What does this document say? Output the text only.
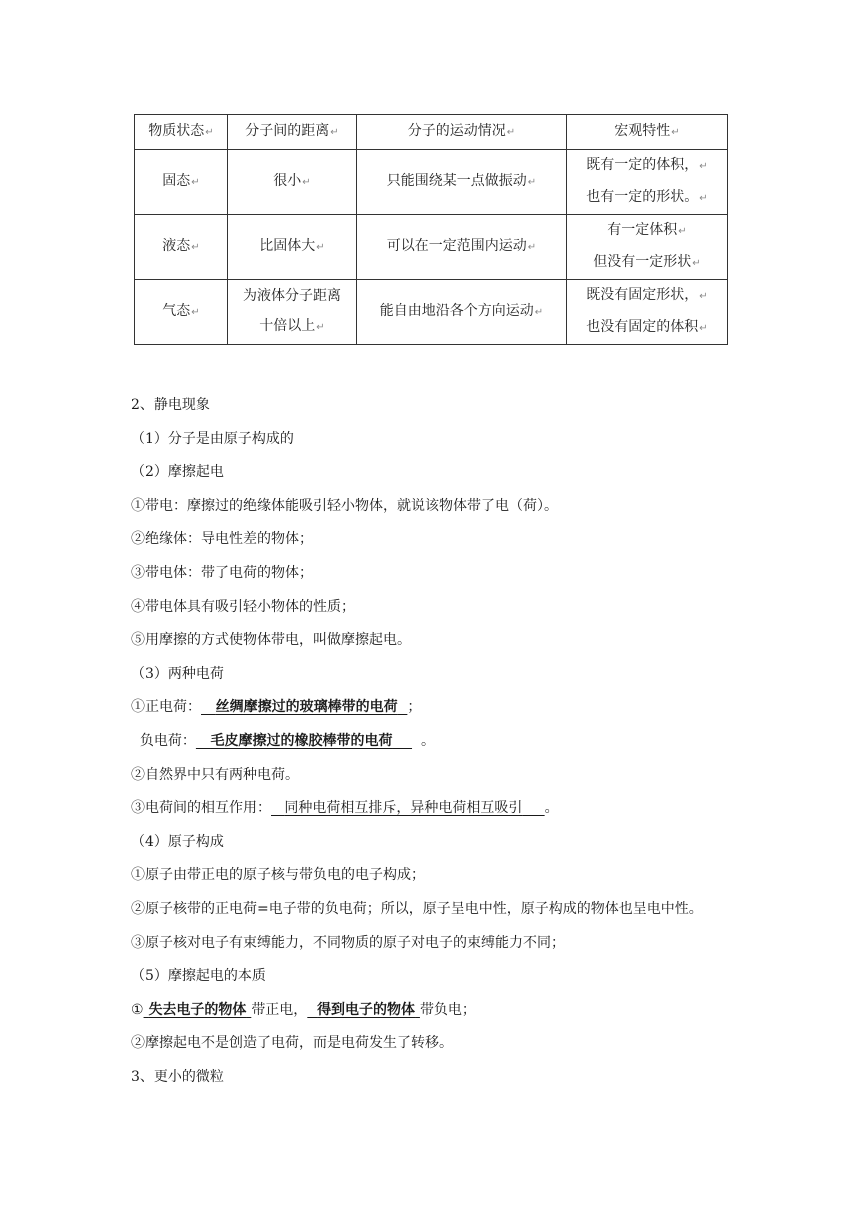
物质状态 ↵	分子间的距离 ↵	分子的运动情况 ↵	宏观特性 ↵
固态 ↵	很小 ↵	只能围绕某一点做振动 ↵	既有一定的体积， ↵
也有一定的形状。 ↵

液态 ↵	比固体大 ↵	可以在一定范围内运动 ↵	有一定体积 ↵
但没有一定形状 ↵

气态 ↵	为液体分子距离
十倍以上 ↵	能自由地沿各个方向运动 ↵	既没有固定形状， ↵
也没有固定的体积 ↵
2、静电现象
（1）分子是由原子构成的
（2）摩擦起电
①带电：摩擦过的绝缘体能吸引轻小物体，就说该物体带了电（荷）。
②绝缘体：导电性差的物体；
③带电体：带了电荷的物体；
④带电体具有吸引轻小物体的性质；
⑤用摩擦的方式使物体带电，叫做摩擦起电。
（3）两种电荷
①正电荷： 丝绸摩擦过的玻璃棒带的电荷 ；
负电荷： 毛皮摩擦过的橡胶棒带的电荷 。
②自然界中只有两种电荷。
③电荷间的相互作用： 同种电荷相互排斥，异种电荷相互吸引 。
（4）原子构成
①原子由带正电的原子核与带负电的电子构成；
②原子核带的正电荷=电子带的负电荷；所以，原子呈电中性，原子构成的物体也呈电中性。
③原子核对电子有束缚能力，不同物质的原子对电子的束缚能力不同；
（5）摩擦起电的本质
① 失去电子的物体 带正电， 得到电子的物体 带负电；
②摩擦起电不是创造了电荷，而是电荷发生了转移。
3、更小的微粒
